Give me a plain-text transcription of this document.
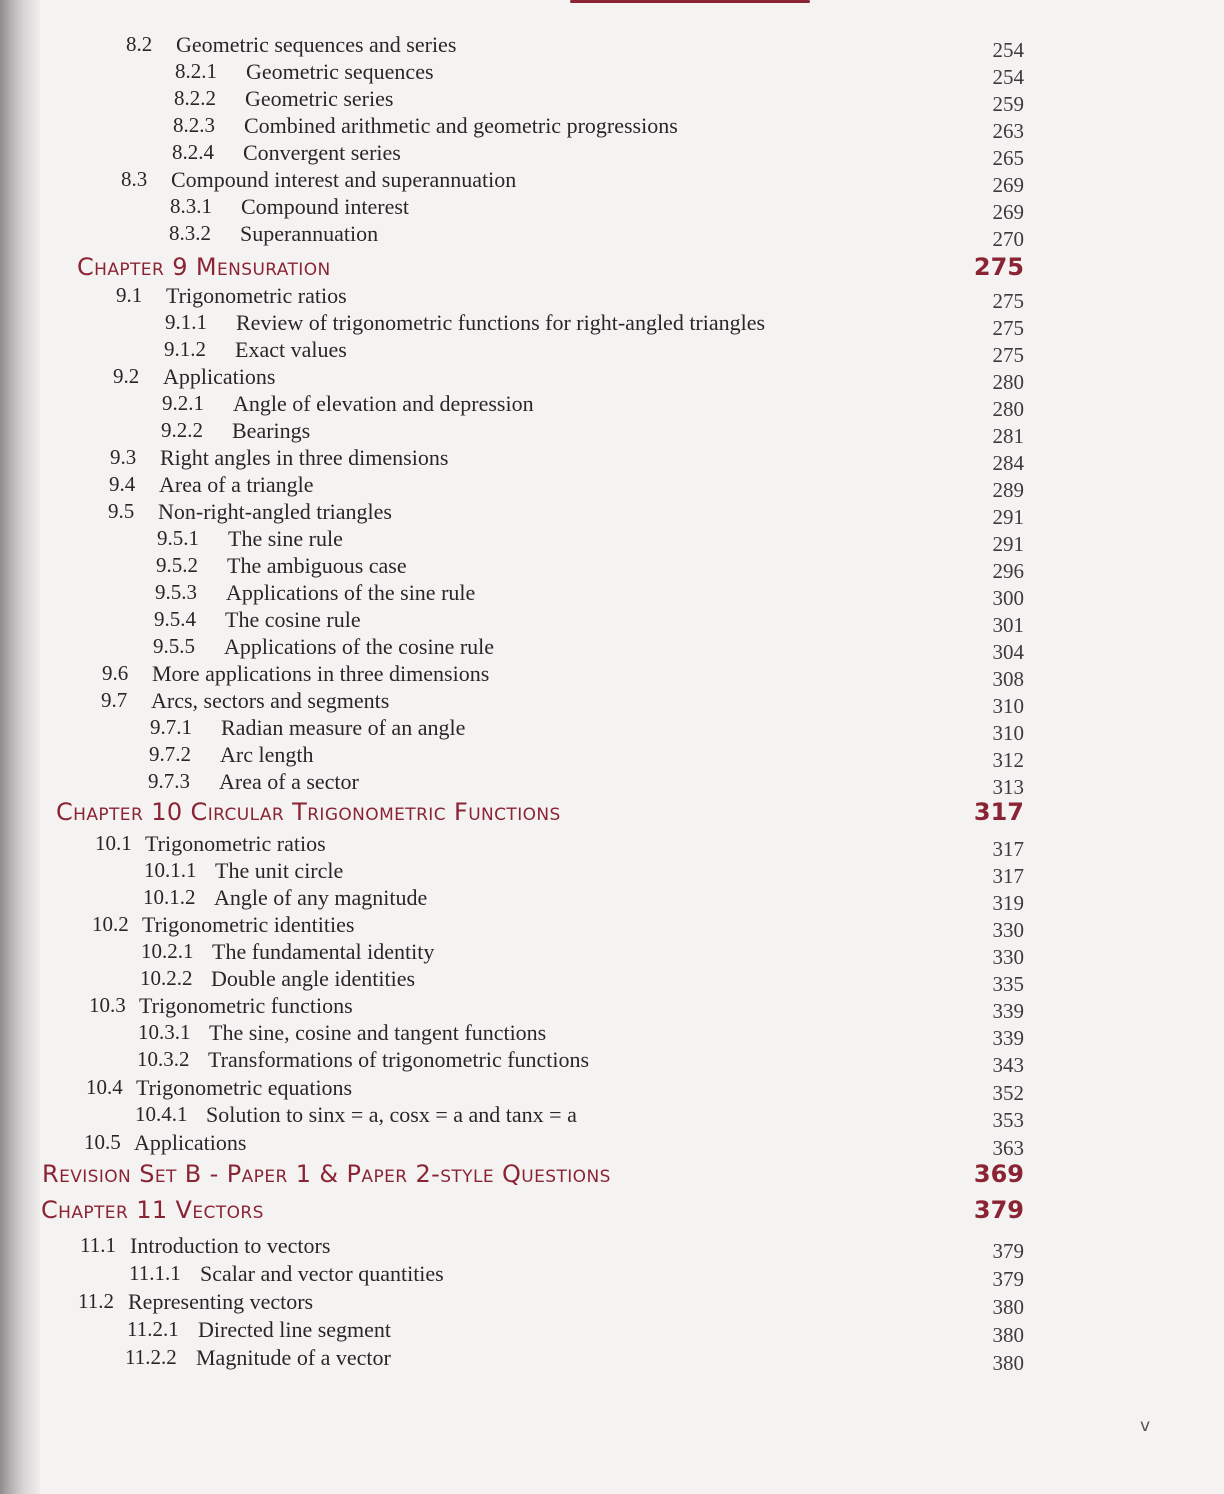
8.2 Geometric sequences and series	254
8.2.1 Geometric sequences	254
8.2.2 Geometric series	259
8.2.3 Combined arithmetic and geometric progressions	263
8.2.4 Convergent series	265
8.3 Compound interest and superannuation	269
8.3.1 Compound interest	269
8.3.2 Superannuation	270
Chapter 9 Mensuration	275
9.1 Trigonometric ratios	275
9.1.1 Review of trigonometric functions for right-angled triangles	275
9.1.2 Exact values	275
9.2 Applications	280
9.2.1 Angle of elevation and depression	280
9.2.2 Bearings	281
9.3 Right angles in three dimensions	284
9.4 Area of a triangle	289
9.5 Non-right-angled triangles	291
9.5.1 The sine rule	291
9.5.2 The ambiguous case	296
9.5.3 Applications of the sine rule	300
9.5.4 The cosine rule	301
9.5.5 Applications of the cosine rule	304
9.6 More applications in three dimensions	308
9.7 Arcs, sectors and segments	310
9.7.1 Radian measure of an angle	310
9.7.2 Arc length	312
9.7.3 Area of a sector	313
Chapter 10 Circular Trigonometric Functions	317
10.1 Trigonometric ratios	317
10.1.1 The unit circle	317
10.1.2 Angle of any magnitude	319
10.2 Trigonometric identities	330
10.2.1 The fundamental identity	330
10.2.2 Double angle identities	335
10.3 Trigonometric functions	339
10.3.1 The sine, cosine and tangent functions	339
10.3.2 Transformations of trigonometric functions	343
10.4 Trigonometric equations	352
10.4.1 Solution to sinx = a, cosx = a and tanx = a	353
10.5 Applications	363
Revision Set B - Paper 1 & Paper 2-style Questions	369
Chapter 11 Vectors	379
11.1 Introduction to vectors	379
11.1.1 Scalar and vector quantities	379
11.2 Representing vectors	380
11.2.1 Directed line segment	380
11.2.2 Magnitude of a vector	380
v
